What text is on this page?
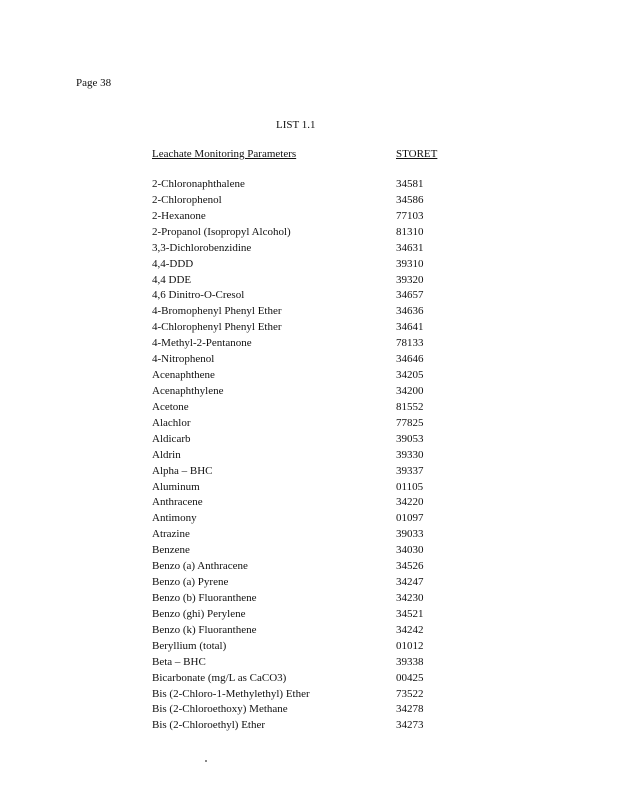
Page 38
LIST 1.1
Leachate Monitoring Parameters	STORET
2-Chloronaphthalene	34581
2-Chlorophenol	34586
2-Hexanone	77103
2-Propanol (Isopropyl Alcohol)	81310
3,3-Dichlorobenzidine	34631
4,4-DDD	39310
4,4 DDE	39320
4,6 Dinitro-O-Cresol	34657
4-Bromophenyl Phenyl Ether	34636
4-Chlorophenyl Phenyl Ether	34641
4-Methyl-2-Pentanone	78133
4-Nitrophenol	34646
Acenaphthene	34205
Acenaphthylene	34200
Acetone	81552
Alachlor	77825
Aldicarb	39053
Aldrin	39330
Alpha – BHC	39337
Aluminum	01105
Anthracene	34220
Antimony	01097
Atrazine	39033
Benzene	34030
Benzo (a) Anthracene	34526
Benzo (a) Pyrene	34247
Benzo (b) Fluoranthene	34230
Benzo (ghi) Perylene	34521
Benzo (k) Fluoranthene	34242
Beryllium (total)	01012
Beta – BHC	39338
Bicarbonate (mg/L as CaCO3)	00425
Bis (2-Chloro-1-Methylethyl) Ether	73522
Bis (2-Chloroethoxy) Methane	34278
Bis (2-Chloroethyl) Ether	34273
